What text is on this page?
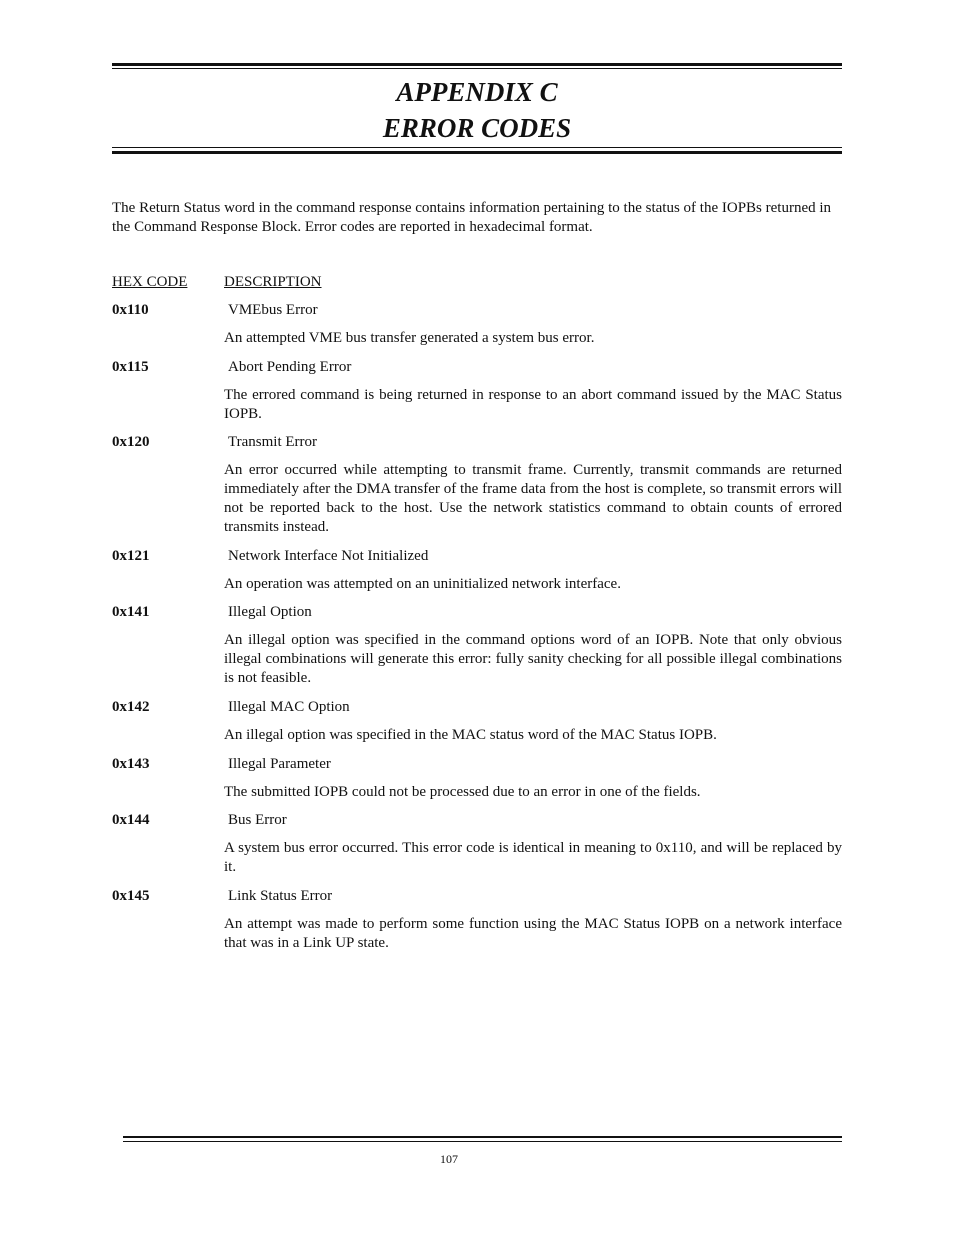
APPENDIX C
ERROR CODES

The Return Status word in the command response contains information pertaining to the status of the IOPBs returned in the Command Response Block. Error codes are reported in hexadecimal format.

HEX CODE DESCRIPTION
0x110	VMEbus Error
An attempted VME bus transfer generated a system bus error.
0x115	Abort Pending Error
The errored command is being returned in response to an abort command issued by the MAC Status IOPB.
0x120	Transmit Error
An error occurred while attempting to transmit frame. Currently, transmit commands are returned immediately after the DMA transfer of the frame data from the host is complete, so transmit errors will not be reported back to the host. Use the network statistics command to obtain counts of errored transmits instead.
0x121	Network Interface Not Initialized
An operation was attempted on an uninitialized network interface.
0x141	Illegal Option
An illegal option was specified in the command options word of an IOPB. Note that only obvious illegal combinations will generate this error: fully sanity checking for all possible illegal combinations is not feasible.
0x142	Illegal MAC Option
An illegal option was specified in the MAC status word of the MAC Status IOPB.
0x143	Illegal Parameter
The submitted IOPB could not be processed due to an error in one of the fields.
0x144	Bus Error
A system bus error occurred. This error code is identical in meaning to 0x110, and will be replaced by it.
0x145	Link Status Error
An attempt was made to perform some function using the MAC Status IOPB on a network interface that was in a Link UP state.
107
